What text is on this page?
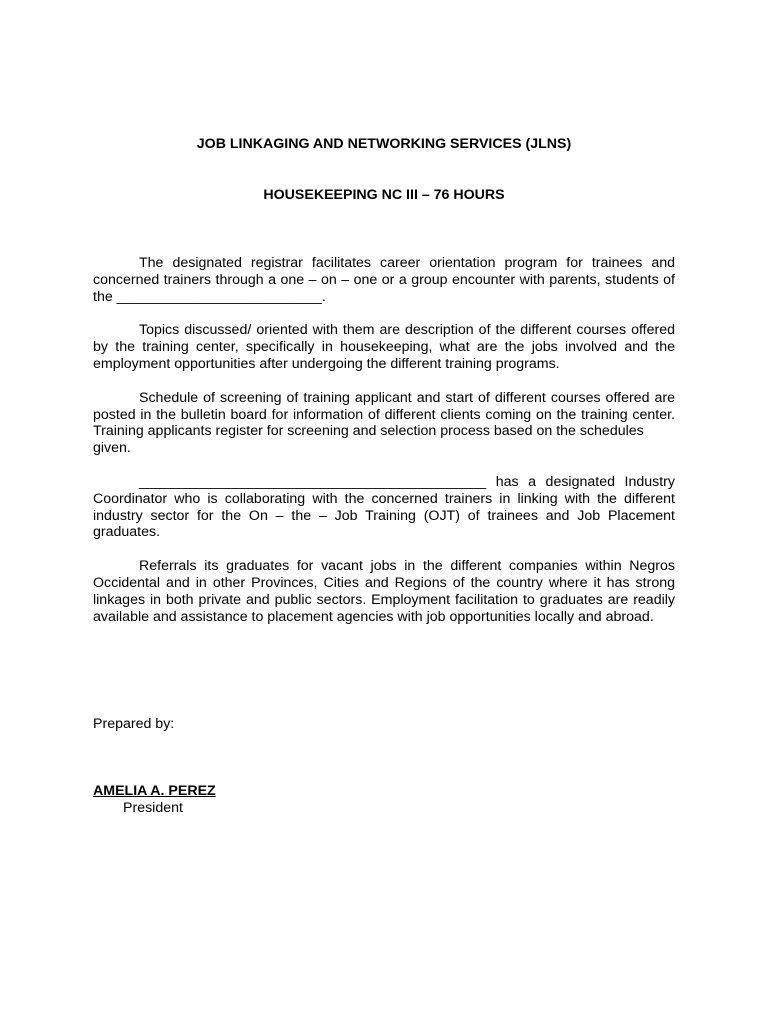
JOB LINKAGING AND NETWORKING SERVICES (JLNS)
HOUSEKEEPING NC III – 76 HOURS

The designated registrar facilitates career orientation program for trainees and concerned trainers through a one – on – one or a group encounter with parents, students of the __________________________.

Topics discussed/ oriented with them are description of the different courses offered by the training center, specifically in housekeeping, what are the jobs involved and the employment opportunities after undergoing the different training programs.

Schedule of screening of training applicant and start of different courses offered are posted in the bulletin board for information of different clients coming on the training center. Training applicants register for screening and selection process based on the schedules
given.

____________________________________________ has a designated Industry Coordinator who is collaborating with the concerned trainers in linking with the different industry sector for the On – the – Job Training (OJT) of trainees and Job Placement graduates.

Referrals its graduates for vacant jobs in the different companies within Negros Occidental and in other Provinces, Cities and Regions of the country where it has strong linkages in both private and public sectors. Employment facilitation to graduates are readily available and assistance to placement agencies with job opportunities locally and abroad.

Prepared by:
AMELIA A. PEREZ
President
